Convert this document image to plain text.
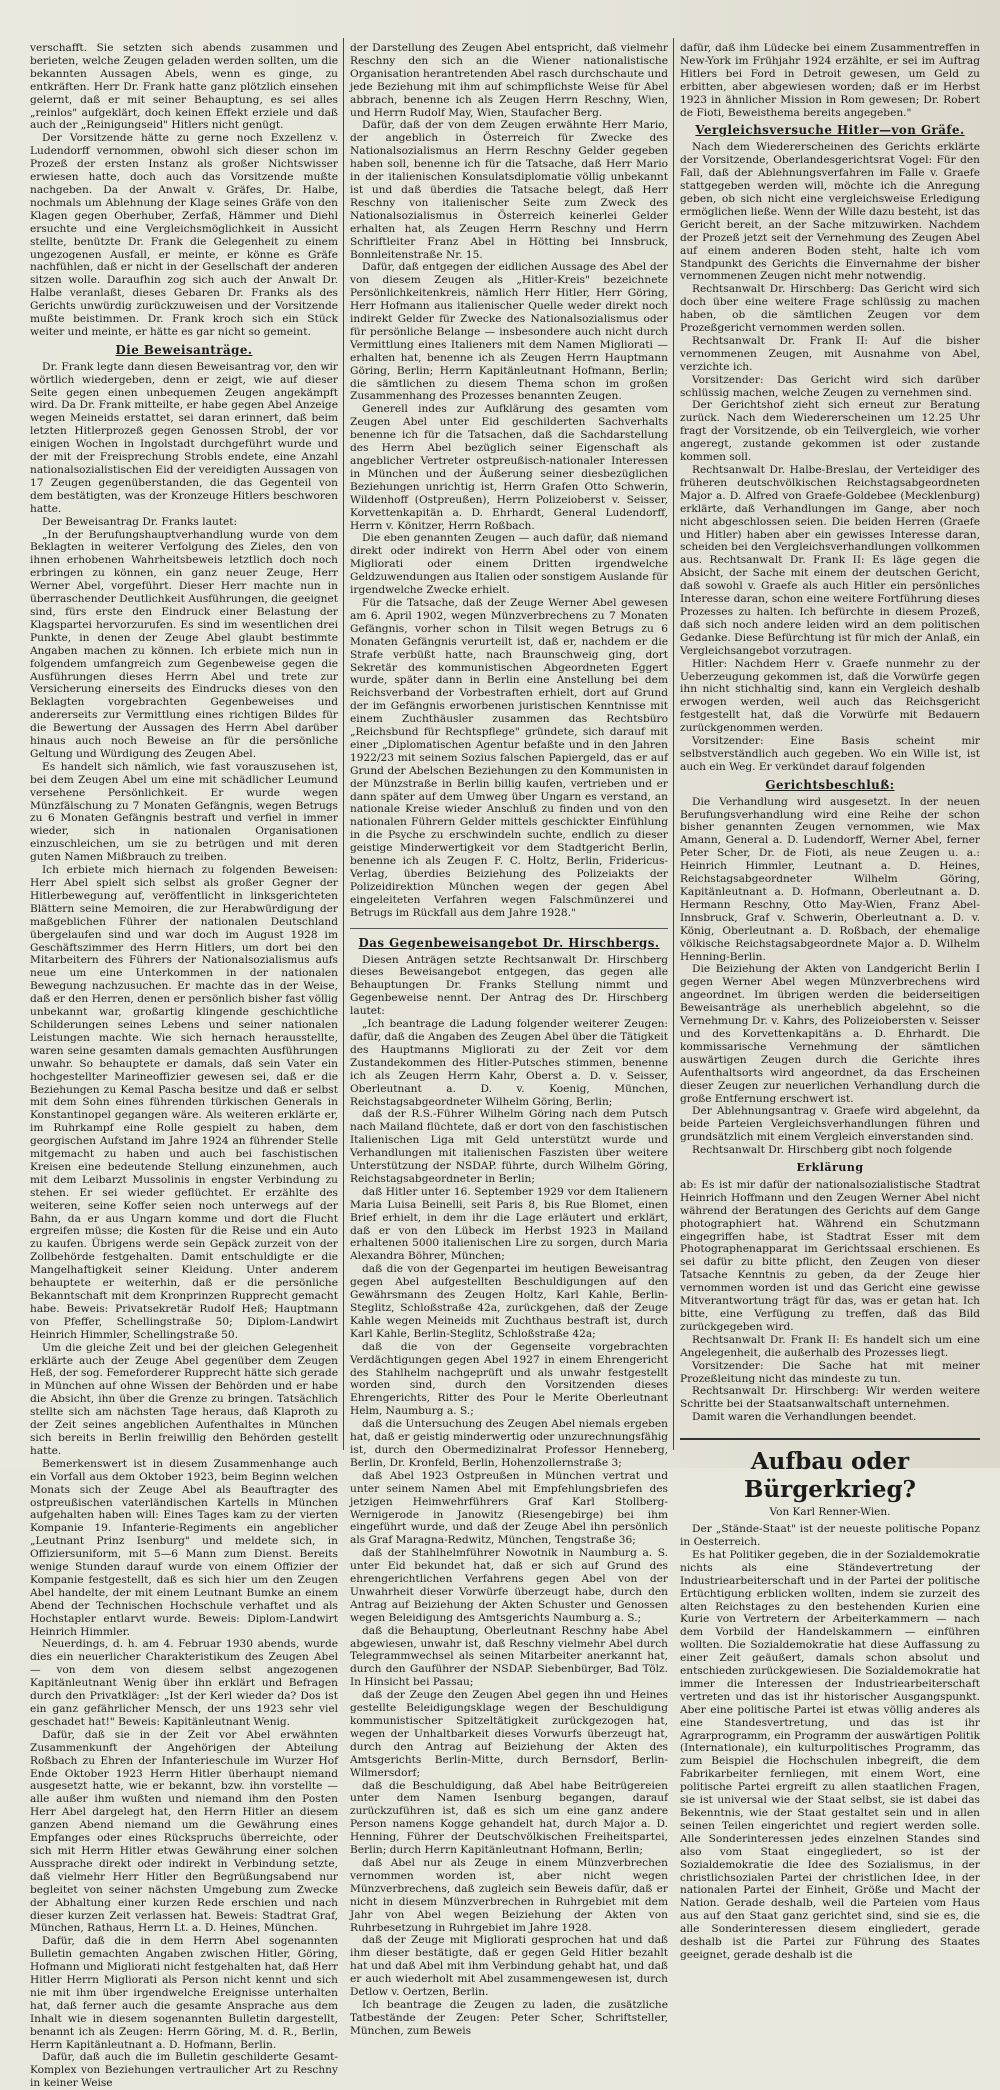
verschafft. Sie setzten sich abends zusammen und berieten, welche Zeugen geladen werden sollten, um die bekannten Aussagen Abels, wenn es ginge, zu entkräften. Herr Dr. Frank hatte ganz plötzlich einsehen gelernt, daß er mit seiner Behauptung, es sei alles „reinlos" aufgeklärt, doch keinen Effekt erziele und daß auch der „Reinigungseid" Hitlers nicht genügt.

Der Vorsitzende hätte zu gerne noch Exzellenz v. Ludendorff vernommen, obwohl sich dieser schon im Prozeß der ersten Instanz als großer Nichtswisser erwiesen hatte, doch auch das Vorsitzende mußte nachgeben. Da der Anwalt v. Gräfes, Dr. Halbe, nochmals um Ablehnung der Klage seines Gräfe von den Klagen gegen Oberhuber, Zerfaß, Hämmer und Diehl ersuchte und eine Vergleichsmöglichkeit in Aussicht stellte, benützte Dr. Frank die Gelegenheit zu einem ungezogenen Ausfall, er meinte, er könne es Gräfe nachfühlen, daß er nicht in der Gesellschaft der anderen sitzen wolle. Daraufhin zog sich auch der Anwalt Dr. Halbe veranlaßt, dieses Gebaren Dr. Franks als des Gerichts unwürdig zurückzuweisen und der Vorsitzende mußte beistimmen. Dr. Frank kroch sich ein Stück weiter und meinte, er hätte es gar nicht so gemeint.

Die Beweisanträge.

Dr. Frank legte dann diesen Beweisantrag vor, den wir wörtlich wiedergeben, denn er zeigt, wie auf dieser Seite gegen einen unbequemen Zeugen angekämpft wird. Da Dr. Frank mitteilte, er habe gegen Abel Anzeige wegen Meineids erstattet, sei daran erinnert, daß beim letzten Hitlerprozeß gegen Genossen Strobl, der vor einigen Wochen in Ingolstadt durchgeführt wurde und der mit der Freisprechung Strobls endete, eine Anzahl nationalsozialistischen Eid der vereidigten Aussagen von 17 Zeugen gegenüberstanden, die das Gegenteil von dem bestätigten, was der Kronzeuge Hitlers beschworen hatte.

Der Beweisantrag Dr. Franks lautet:

„In der Berufungshauptverhandlung wurde von dem Beklagten in weiterer Verfolgung des Zieles, den von ihnen erhobenen Wahrheitsbeweis letztlich doch noch erbringen zu können, ein ganz neuer Zeuge, Herr Werner Abel, vorgeführt. Dieser Herr machte nun in überraschender Deutlichkeit Ausführungen, die geeignet sind, fürs erste den Eindruck einer Belastung der Klagspartei hervorzurufen. Es sind im wesentlichen drei Punkte, in denen der Zeuge Abel glaubt bestimmte Angaben machen zu können. Ich erbiete mich nun in folgendem umfangreich zum Gegenbeweise gegen die Ausführungen dieses Herrn Abel und trete zur Versicherung einerseits des Eindrucks dieses von den Beklagten vorgebrachten Gegenbeweises und andererseits zur Vermittlung eines richtigen Bildes für die Bewertung der Aussagen des Herrn Abel darüber hinaus auch noch Beweise an für die persönliche Geltung und Würdigung des Zeugen Abel.

Es handelt sich nämlich, wie fast vorauszusehen ist, bei dem Zeugen Abel um eine mit schädlicher Leumund versehene Persönlichkeit. Er wurde wegen Münzfälschung zu 7 Monaten Gefängnis, wegen Betrugs zu 6 Monaten Gefängnis bestraft und verfiel in immer wieder, sich in nationalen Organisationen einzuschleichen, um sie zu betrügen und mit deren guten Namen Mißbrauch zu treiben.

Ich erbiete mich hiernach zu folgenden Beweisen: Herr Abel spielt sich selbst als großer Gegner der Hitlerbewegung auf, veröffentlicht in linksgerichteten Blättern seine Memoiren, die zur Herabwürdigung der maßgeblichen Führer der nationalen Deutschland übergelaufen sind und war doch im August 1928 im Geschäftszimmer des Herrn Hitlers, um dort bei den Mitarbeitern des Führers der Nationalsozialismus aufs neue um eine Unterkommen in der nationalen Bewegung nachzusuchen. Er machte das in der Weise, daß er den Herren, denen er persönlich bisher fast völlig unbekannt war, großartig klingende geschichtliche Schilderungen seines Lebens und seiner nationalen Leistungen machte. Wie sich hernach herausstellte, waren seine gesamten damals gemachten Ausführungen unwahr. So behauptete er damals, daß sein Vater ein hochgestellter Marineoffizier gewesen sei, daß er die Beziehungen zu Kemal Pascha besitze und daß er selbst mit dem Sohn eines führenden türkischen Generals in Konstantinopel gegangen wäre. Als weiteren erklärte er, im Ruhrkampf eine Rolle gespielt zu haben, dem georgischen Aufstand im Jahre 1924 an führender Stelle mitgemacht zu haben und auch bei faschistischen Kreisen eine bedeutende Stellung einzunehmen, auch mit dem Leibarzt Mussolinis in engster Verbindung zu stehen. Er sei wieder geflüchtet. Er erzählte des weiteren, seine Koffer seien noch unterwegs auf der Bahn, da er aus Ungarn komme und dort die Flucht ergreifen müsse; die Kosten für die Reise und ein Auto zu kaufen. Übrigens werde sein Gepäck zurzeit von der Zollbehörde festgehalten. Damit entschuldigte er die Mangelhaftigkeit seiner Kleidung. Unter anderem behauptete er weiterhin, daß er die persönliche Bekanntschaft mit dem Kronprinzen Rupprecht gemacht habe. Beweis: Privatsekretär Rudolf Heß; Hauptmann von Pfeffer, Schellingstraße 50; Diplom-Landwirt Heinrich Himmler, Schellingstraße 50.

Um die gleiche Zeit und bei der gleichen Gelegenheit erklärte auch der Zeuge Abel gegenüber dem Zeugen Heß, der sog. Femeforderer Rupprecht hätte sich gerade in München auf ohne Wissen der Behörden und er habe die Absicht, ihn über die Grenze zu bringen. Tatsächlich stellte sich am nächsten Tage heraus, daß Klaproth zu der Zeit seines angeblichen Aufenthaltes in München sich bereits in Berlin freiwillig den Behörden gestellt hatte.

Bemerkenswert ist in diesem Zusammenhange auch ein Vorfall aus dem Oktober 1923, beim Beginn welchen Monats sich der Zeuge Abel als Beauftragter des ostpreußischen vaterländischen Kartells in München aufgehalten haben will: Eines Tages kam zu der vierten Kompanie 19. Infanterie-Regiments ein angeblicher „Leutnant Prinz Isenburg" und meldete sich, in Offiziersuniform, mit 5—6 Mann zum Dienst. Bereits wenige Stunden darauf wurde von einem Offizier der Kompanie festgestellt, daß es sich hier um den Zeugen Abel handelte, der mit einem Leutnant Bumke an einem Abend der Technischen Hochschule verhaftet und als Hochstapler entlarvt wurde. Beweis: Diplom-Landwirt Heinrich Himmler.

Neuerdings, d. h. am 4. Februar 1930 abends, wurde dies ein neuerlicher Charakteristikum des Zeugen Abel — von dem von diesem selbst angezogenen Kapitänleutnant Wenig über ihn erklärt und Befragen durch den Privatkläger: „Ist der Kerl wieder da? Dos ist ein ganz gefährlicher Mensch, der uns 1923 sehr viel geschadet hat!" Beweis: Kapitänleutnant Wenig.

Dafür, daß sie in der Zeit vor Abel erwähnten Zusammenkunft der Angehörigen der Abteilung Roßbach zu Ehren der Infanterieschule im Wurzer Hof Ende Oktober 1923 Herrn Hitler überhaupt niemand ausgesetzt hatte, wie er bekannt, bzw. ihn vorstellte — alle außer ihm wußten und niemand ihm den Posten Herr Abel dargelegt hat, den Herrn Hitler an diesem ganzen Abend niemand um die Gewährung eines Empfanges oder eines Rückspruchs überreichte, oder sich mit Herrn Hitler etwas Gewährung einer solchen Aussprache direkt oder indirekt in Verbindung setzte, daß vielmehr Herr Hitler den Begrüßungsabend nur begleitet von seiner nächsten Umgebung zum Zwecke der Abhaltung einer kurzen Rede erschien und nach dieser kurzen Zeit verlassen hat. Beweis: Stadtrat Graf, München, Rathaus, Herrn Lt. a. D. Heines, München.

Dafür, daß die in dem Herrn Abel sogenannten Bulletin gemachten Angaben zwischen Hitler, Göring, Hofmann und Migliorati nicht festgehalten hat, daß Herr Hitler Herrn Migliorati als Person nicht kennt und sich nie mit ihm über irgendwelche Ereignisse unterhalten hat, daß ferner auch die gesamte Ansprache aus dem Inhalt wie in diesem sogenannten Bulletin dargestellt, benannt ich als Zeugen: Herrn Göring, M. d. R., Berlin, Herrn Kapitänleutnant a. D. Hofmann, Berlin.

Dafür, daß auch die im Bulletin geschilderte Gesamt-Komplex von Beziehungen vertraulicher Art zu Reschny in keiner Weise

der Darstellung des Zeugen Abel entspricht, daß vielmehr Reschny den sich an die Wiener nationalistische Organisation herantretenden Abel rasch durchschaute und jede Beziehung mit ihm auf schimpflichste Weise für Abel abbrach, benenne ich als Zeugen Herrn Reschny, Wien, und Herrn Rudolf May, Wien, Staufacher Berg.

Dafür, daß der von dem Zeugen erwähnte Herr Mario, der angeblich in Österreich für Zwecke des Nationalsozialismus an Herrn Reschny Gelder gegeben haben soll, benenne ich für die Tatsache, daß Herr Mario in der italienischen Konsulatsdiplomatie völlig unbekannt ist und daß überdies die Tatsache belegt, daß Herr Reschny von italienischer Seite zum Zweck des Nationalsozialismus in Österreich keinerlei Gelder erhalten hat, als Zeugen Herrn Reschny und Herrn Schriftleiter Franz Abel in Hötting bei Innsbruck, Bonnleitenstraße Nr. 15.

Dafür, daß entgegen der eidlichen Aussage des Abel der von diesem Zeugen als „Hitler-Kreis" bezeichnete Persönlichkeitenkreis, nämlich Herr Hitler, Herr Göring, Herr Hofmann aus italienischer Quelle weder direkt noch indirekt Gelder für Zwecke des Nationalsozialismus oder für persönliche Belange — insbesondere auch nicht durch Vermittlung eines Italieners mit dem Namen Migliorati — erhalten hat, benenne ich als Zeugen Herrn Hauptmann Göring, Berlin; Herrn Kapitänleutnant Hofmann, Berlin; die sämtlichen zu diesem Thema schon im großen Zusammenhang des Prozesses benannten Zeugen.

Generell indes zur Aufklärung des gesamten vom Zeugen Abel unter Eid geschilderten Sachverhalts benenne ich für die Tatsachen, daß die Sachdarstellung des Herrn Abel bezüglich seiner Eigenschaft als angeblicher Vertreter ostpreußisch-nationaler Interessen in München und der Äußerung seiner diesbezüglichen Beziehungen unrichtig ist, Herrn Grafen Otto Schwerin, Wildenhoff (Ostpreußen), Herrn Polizeioberst v. Seisser, Korvettenkapitän a. D. Ehrhardt, General Ludendorff, Herrn v. Könitzer, Herrn Roßbach.

Die eben genannten Zeugen — auch dafür, daß niemand direkt oder indirekt von Herrn Abel oder von einem Migliorati oder einem Dritten irgendwelche Geldzuwendungen aus Italien oder sonstigem Auslande für irgendwelche Zwecke erhielt.

Für die Tatsache, daß der Zeuge Werner Abel gewesen am 6. April 1902, wegen Münzverbrechens zu 7 Monaten Gefängnis, vorher schon in Tilsit wegen Betrugs zu 6 Monaten Gefängnis verurteilt ist, daß er, nachdem er die Strafe verbüßt hatte, nach Braunschweig ging, dort Sekretär des kommunistischen Abgeordneten Eggert wurde, später dann in Berlin eine Anstellung bei dem Reichsverband der Vorbestraften erhielt, dort auf Grund der im Gefängnis erworbenen juristischen Kenntnisse mit einem Zuchthäusler zusammen das Rechtsbüro „Reichsbund für Rechtspflege" gründete, sich darauf mit einer „Diplomatischen Agentur befaßte und in den Jahren 1922/23 mit seinem Sozius falschen Papiergeld, das er auf Grund der Abelschen Beziehungen zu den Kommunisten in der Münzstraße in Berlin billig kaufen, vertrieben und er dann später auf dem Umweg über Ungarn es verstand, an nationale Kreise wieder Anschluß zu finden und von den nationalen Führern Gelder mittels geschickter Einfühlung in die Psyche zu erschwindeln suchte, endlich zu dieser geistige Minderwertigkeit vor dem Stadtgericht Berlin, benenne ich als Zeugen F. C. Holtz, Berlin, Fridericus-Verlag, überdies Beiziehung des Polizeiakts der Polizeidirektion München wegen der gegen Abel eingeleiteten Verfahren wegen Falschmünzerei und Betrugs im Rückfall aus dem Jahre 1928."

Das Gegenbeweisangebot Dr. Hirschbergs.

Diesen Anträgen setzte Rechtsanwalt Dr. Hirschberg dieses Beweisangebot entgegen, das gegen alle Behauptungen Dr. Franks Stellung nimmt und Gegenbeweise nennt. Der Antrag des Dr. Hirschberg lautet:

„Ich beantrage die Ladung folgender weiterer Zeugen: dafür, daß die Angaben des Zeugen Abel über die Tätigkeit des Hauptmanns Migliorati zu der Zeit vor dem Zustandekommen des Hitler-Putsches stimmen, benenne ich als Zeugen Herrn Kahr, Oberst a. D. v. Seisser, Oberleutnant a. D. v. Koenig, München, Reichstagsabgeordneter Wilhelm Göring, Berlin;

daß der R.S.-Führer Wilhelm Göring nach dem Putsch nach Mailand flüchtete, daß er dort von den faschistischen Italienischen Liga mit Geld unterstützt wurde und Verhandlungen mit italienischen Faszisten über weitere Unterstützung der NSDAP. führte, durch Wilhelm Göring, Reichstagsabgeordneter in Berlin;

daß Hitler unter 16. September 1929 vor dem Italienern Maria Luisa Beinelli, seit Paris 8, bis Rue Blomet, einen Brief erhielt, in dem ihr die Lage erläutert und erklärt, daß er von den Lübeck im Herbst 1923 in Mailand erhaltenen 5000 italienischen Lire zu sorgen, durch Maria Alexandra Böhrer, München;

daß die von der Gegenpartei im heutigen Beweisantrag gegen Abel aufgestellten Beschuldigungen auf den Gewährsmann des Zeugen Holtz, Karl Kahle, Berlin-Steglitz, Schloßstraße 42a, zurückgehen, daß der Zeuge Kahle wegen Meineids mit Zuchthaus bestraft ist, durch Karl Kahle, Berlin-Steglitz, Schloßstraße 42a;

daß die von der Gegenseite vorgebrachten Verdächtigungen gegen Abel 1927 in einem Ehrengericht des Stahlhelm nachgeprüft und als unwahr festgestellt worden sind, durch den Vorsitzenden dieses Ehrengerichts, Ritter des Pour le Merite Oberleutnant Helm, Naumburg a. S.;

daß die Untersuchung des Zeugen Abel niemals ergeben hat, daß er geistig minderwertig oder unzurechnungsfähig ist, durch den Obermedizinalrat Professor Henneberg, Berlin, Dr. Kronfeld, Berlin, Hohenzollernstraße 3;

daß Abel 1923 Ostpreußen in München vertrat und unter seinem Namen Abel mit Empfehlungsbriefen des jetzigen Heimwehrführers Graf Karl Stollberg-Wernigerode in Janowitz (Riesengebirge) bei ihm eingeführt wurde, und daß der Zeuge Abel ihn persönlich als Graf Maragna-Redwitz, München, Tengstraße 36;

daß der Stahlhelmführer Nowotnik in Naumburg a. S. unter Eid bekundet hat, daß er sich auf Grund des ehrengerichtlichen Verfahrens gegen Abel von der Unwahrheit dieser Vorwürfe überzeugt habe, durch den Antrag auf Beiziehung der Akten Schuster und Genossen wegen Beleidigung des Amtsgerichts Naumburg a. S.;

daß die Behauptung, Oberleutnant Reschny habe Abel abgewiesen, unwahr ist, daß Reschny vielmehr Abel durch Telegrammwechsel als seinen Mitarbeiter anerkannt hat, durch den Gauführer der NSDAP. Siebenbürger, Bad Tölz. In Hinsicht bei Passau;

daß der Zeuge den Zeugen Abel gegen ihn und Heines gestellte Beleidigungsklage wegen der Beschuldigung kommunistischer Spitzeltätigkeit zurückgezogen hat, wegen der Unhaltbarkeit dieses Vorwurfs überzeugt hat, durch den Antrag auf Beiziehung der Akten des Amtsgerichts Berlin-Mitte, durch Bernsdorf, Berlin-Wilmersdorf;

daß die Beschuldigung, daß Abel habe Beitrügereien unter dem Namen Isenburg begangen, darauf zurückzuführen ist, daß es sich um eine ganz andere Person namens Kogge gehandelt hat, durch Major a. D. Henning, Führer der Deutschvölkischen Freiheitspartei, Berlin; durch Herrn Kapitänleutnant Hofmann, Berlin;

daß Abel nur als Zeuge in einem Münzverbrechen vernommen worden ist, aber nicht wegen Münzverbrechens, daß zugleich sein Beweis dafür, daß er nicht in diesem Münzverbrechen in Ruhrgebiet mit dem Jahr von Abel wegen Beiziehung der Akten von Ruhrbesetzung in Ruhrgebiet im Jahre 1928.

daß der Zeuge mit Migliorati gesprochen hat und daß ihm dieser bestätigte, daß er gegen Geld Hitler bezahlt hat und daß Abel mit ihm Verbindung gehabt hat, und daß er auch wiederholt mit Abel zusammengewesen ist, durch Detlow v. Oertzen, Berlin.

Ich beantrage die Zeugen zu laden, die zusätzliche Tatbestände der Zeugen: Peter Scher, Schriftsteller, München, zum Beweis

dafür, daß ihm Lüdecke bei einem Zusammentreffen in New-York im Frühjahr 1924 erzählte, er sei im Auftrag Hitlers bei Ford in Detroit gewesen, um Geld zu erbitten, aber abgewiesen worden; daß er im Herbst 1923 in ähnlicher Mission in Rom gewesen; Dr. Robert de Fioti, Beweisthema bereits angegeben."

Vergleichsversuche Hitler—von Gräfe.

Nach dem Wiedererscheinen des Gerichts erklärte der Vorsitzende, Oberlandesgerichtsrat Vogel: Für den Fall, daß der Ablehnungsverfahren im Falle v. Graefe stattgegeben werden will, möchte ich die Anregung geben, ob sich nicht eine vergleichsweise Erledigung ermöglichen ließe. Wenn der Wille dazu besteht, ist das Gericht bereit, an der Sache mitzuwirken. Nachdem der Prozeß jetzt seit der Vernehmung des Zeugen Abel auf einem anderen Boden steht, halte ich vom Standpunkt des Gerichts die Einvernahme der bisher vernommenen Zeugen nicht mehr notwendig.

Rechtsanwalt Dr. Hirschberg: Das Gericht wird sich doch über eine weitere Frage schlüssig zu machen haben, ob die sämtlichen Zeugen vor dem Prozeßgericht vernommen werden sollen.

Rechtsanwalt Dr. Frank II: Auf die bisher vernommenen Zeugen, mit Ausnahme von Abel, verzichte ich.

Vorsitzender: Das Gericht wird sich darüber schlüssig machen, welche Zeugen zu vernehmen sind.

Der Gerichtshof zieht sich erneut zur Beratung zurück. Nach dem Wiedererscheinen um 12.25 Uhr fragt der Vorsitzende, ob ein Teilvergleich, wie vorher angeregt, zustande gekommen ist oder zustande kommen soll.

Rechtsanwalt Dr. Halbe-Breslau, der Verteidiger des früheren deutschvölkischen Reichstagsabgeordneten Major a. D. Alfred von Graefe-Goldebee (Mecklenburg) erklärte, daß Verhandlungen im Gange, aber noch nicht abgeschlossen seien. Die beiden Herren (Graefe und Hitler) haben aber ein gewisses Interesse daran, scheiden bei den Vergleichsverhandlungen vollkommen aus. Rechtsanwalt Dr. Frank II: Es läge gegen die Absicht, der Sache mit einem der deutschen Gericht, daß sowohl v. Graefe als auch Hitler ein persönliches Interesse daran, schon eine weitere Fortführung dieses Prozesses zu halten. Ich befürchte in diesem Prozeß, daß sich noch andere leiden wird an dem politischen Gedanke. Diese Befürchtung ist für mich der Anlaß, ein Vergleichsangebot vorzutragen.

Hitler: Nachdem Herr v. Graefe nunmehr zu der Ueberzeugung gekommen ist, daß die Vorwürfe gegen ihn nicht stichhaltig sind, kann ein Vergleich deshalb erwogen werden, weil auch das Reichsgericht festgestellt hat, daß die Vorwürfe mit Bedauern zurückgenommen werden.

Vorsitzender: Eine Basis scheint mir selbstverständlich auch gegeben. Wo ein Wille ist, ist auch ein Weg. Er verkündet darauf folgenden

Gerichtsbeschluß:

Die Verhandlung wird ausgesetzt. In der neuen Berufungsverhandlung wird eine Reihe der schon bisher genannten Zeugen vernommen, wie Max Amann, General a. D. Ludendorff, Werner Abel, ferner Peter Scher, Dr. de Fioti, als neue Zeugen u. a.: Heinrich Himmler, Leutnant a. D. Heines, Reichstagsabgeordneter Wilhelm Göring, Kapitänleutnant a. D. Hofmann, Oberleutnant a. D. Hermann Reschny, Otto May-Wien, Franz Abel-Innsbruck, Graf v. Schwerin, Oberleutnant a. D. v. König, Oberleutnant a. D. Roßbach, der ehemalige völkische Reichstagsabgeordnete Major a. D. Wilhelm Henning-Berlin.

Die Beiziehung der Akten von Landgericht Berlin I gegen Werner Abel wegen Münzverbrechens wird angeordnet. Im übrigen werden die beiderseitigen Beweisanträge als unerheblich abgelehnt, so die Vernehmung Dr. v. Kahrs, des Polizeiobersten v. Seisser und des Korvettenkapitäns a. D. Ehrhardt. Die kommissarische Vernehmung der sämtlichen auswärtigen Zeugen durch die Gerichte ihres Aufenthaltsorts wird angeordnet, da das Erscheinen dieser Zeugen zur neuerlichen Verhandlung durch die große Entfernung erschwert ist.

Der Ablehnungsantrag v. Graefe wird abgelehnt, da beide Parteien Vergleichsverhandlungen führen und grundsätzlich mit einem Vergleich einverstanden sind.

Rechtsanwalt Dr. Hirschberg gibt noch folgende

Erklärung

ab: Es ist mir dafür der nationalsozialistische Stadtrat Heinrich Hoffmann und den Zeugen Werner Abel nicht während der Beratungen des Gerichts auf dem Gange photographiert hat. Während ein Schutzmann eingegriffen habe, ist Stadtrat Esser mit dem Photographenapparat im Gerichtssaal erschienen. Es sei dafür zu bitte pflicht, den Zeugen von dieser Tatsache Kenntnis zu geben, da der Zeuge hier vernommen worden ist und das Gericht eine gewisse Mitverantwortung trägt für das, was er getan hat. Ich bitte, eine Verfügung zu treffen, daß das Bild zurückgegeben wird.

Rechtsanwalt Dr. Frank II: Es handelt sich um eine Angelegenheit, die außerhalb des Prozesses liegt.

Vorsitzender: Die Sache hat mit meiner Prozeßleitung nicht das mindeste zu tun.

Rechtsanwalt Dr. Hirschberg: Wir werden weitere Schritte bei der Staatsanwaltschaft unternehmen.

Damit waren die Verhandlungen beendet.

Aufbau oder Bürgerkrieg?
Von Karl Renner-Wien.

Der „Stände-Staat" ist der neueste politische Popanz in Oesterreich.

Es hat Politiker gegeben, die in der Sozialdemokratie nichts als eine Ständevertretung der Industriearbeiterschaft und in der Partei der politische Ertüchtigung erblicken wollten, indem sie zurzeit des alten Reichstages zu den bestehenden Kurien eine Kurie von Vertretern der Arbeiterkammern — nach dem Vorbild der Handelskammern — einführen wollten. Die Sozialdemokratie hat diese Auffassung zu einer Zeit geäußert, damals schon absolut und entschieden zurückgewiesen. Die Sozialdemokratie hat immer die Interessen der Industriearbeiterschaft vertreten und das ist ihr historischer Ausgangspunkt. Aber eine politische Partei ist etwas völlig anderes als eine Standesvertretung, und das ist ihr Agrarprogramm, ein Programm der auswärtigen Politik (Internationale), ein kulturpolitisches Programm, das zum Beispiel die Hochschulen inbegreift, die dem Fabrikarbeiter fernliegen, mit einem Wort, eine politische Partei ergreift zu allen staatlichen Fragen, sie ist universal wie der Staat selbst, sie ist dabei das Bekenntnis, wie der Staat gestaltet sein und in allen seinen Teilen eingerichtet und regiert werden solle. Alle Sonderinteressen jedes einzelnen Standes sind also vom Staat eingegliedert, so ist der Sozialdemokratie die Idee des Sozialismus, in der christlichsozialen Partei der christlichen Idee, in der nationalen Partei der Einheit, Größe und Macht der Nation. Gerade deshalb, weil die Parteien vom Haus aus auf den Staat ganz gerichtet sind, sind sie es, die alle Sonderinteressen diesem eingliedert, gerade deshalb ist die Partei zur Führung des Staates geeignet, gerade deshalb ist die
